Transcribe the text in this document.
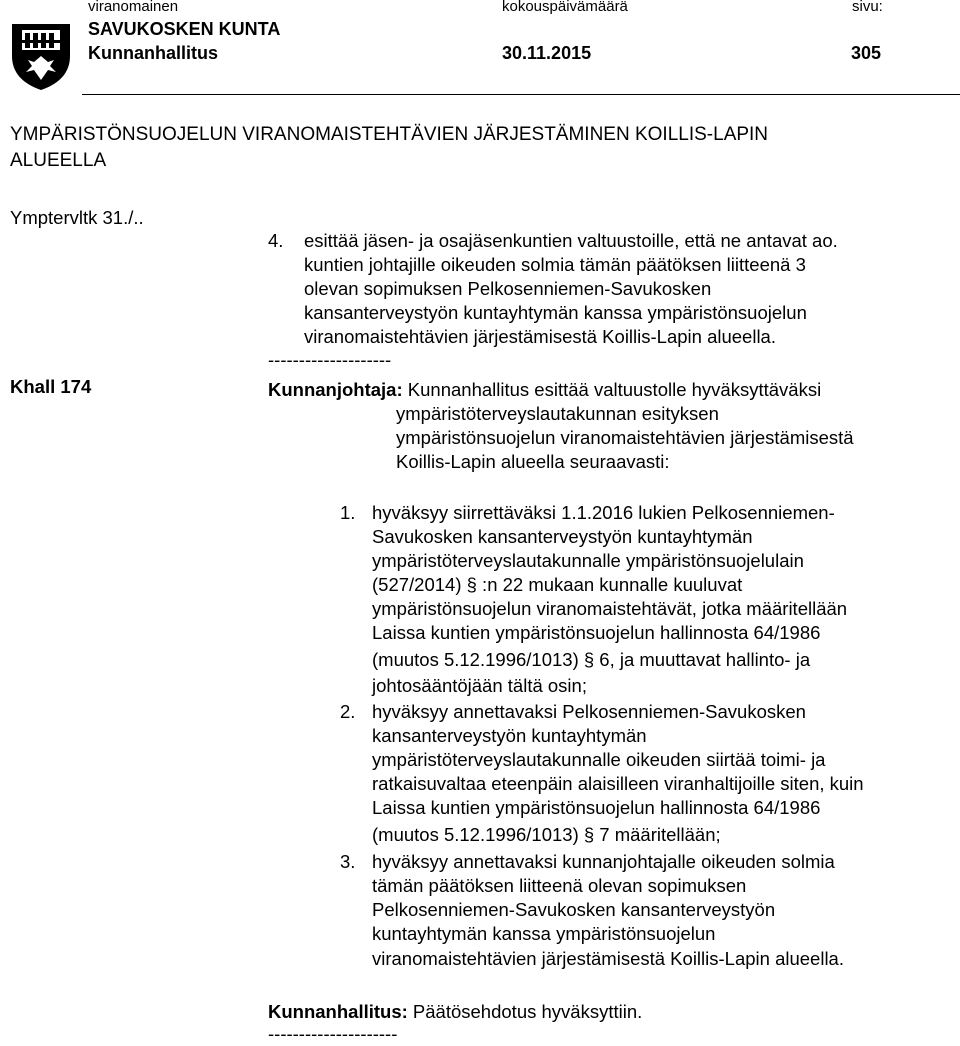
viranomainen	kokouspäivämäärä	sivu:
SAVUKOSKEN KUNTA
Kunnanhallitus	30.11.2015	305
YMPÄRISTÖNSUOJELUN VIRANOMAISTEHTÄVIEN JÄRJESTÄMINEN KOILLIS-LAPIN
ALUEELLA
Ymptervltk 31./..
4. esittää jäsen- ja osajäsenkuntien valtuustoille, että ne antavat ao.
kuntien johtajille oikeuden solmia tämän päätöksen liitteenä 3
olevan sopimuksen Pelkosenniemen-Savukosken
kansanterveystyön kuntayhtymän kanssa ympäristönsuojelun
viranomaistehtävien järjestämisestä Koillis-Lapin alueella.
--------------------
Khall 174	Kunnanjohtaja: Kunnanhallitus esittää valtuustolle hyväksyttäväksi
ympäristöterveyslautakunnan esityksen
ympäristönsuojelun viranomaistehtävien järjestämisestä
Koillis-Lapin alueella seuraavasti:
1. hyväksyy siirrettäväksi 1.1.2016 lukien Pelkosenniemen-
Savukosken kansanterveystyön kuntayhtymän
ympäristöterveyslautakunnalle ympäristönsuojelulain
(527/2014) § :n 22 mukaan kunnalle kuuluvat
ympäristönsuojelun viranomaistehtävät, jotka määritellään
Laissa kuntien ympäristönsuojelun hallinnosta 64/1986
(muutos 5.12.1996/1013) § 6, ja muuttavat hallinto- ja
johtosääntöjään tältä osin;
2. hyväksyy annettavaksi Pelkosenniemen-Savukosken
kansanterveystyön kuntayhtymän
ympäristöterveyslautakunnalle oikeuden siirtää toimi- ja
ratkaisuvaltaa eteenpäin alaisilleen viranhaltijoille siten, kuin
Laissa kuntien ympäristönsuojelun hallinnosta 64/1986
(muutos 5.12.1996/1013) § 7 määritellään;
3. hyväksyy annettavaksi kunnanjohtajalle oikeuden solmia
tämän päätöksen liitteenä olevan sopimuksen
Pelkosenniemen-Savukosken kansanterveystyön
kuntayhtymän kanssa ympäristönsuojelun
viranomaistehtävien järjestämisestä Koillis-Lapin alueella.
Kunnanhallitus: Päätösehdotus hyväksyttiin.
---------------------
